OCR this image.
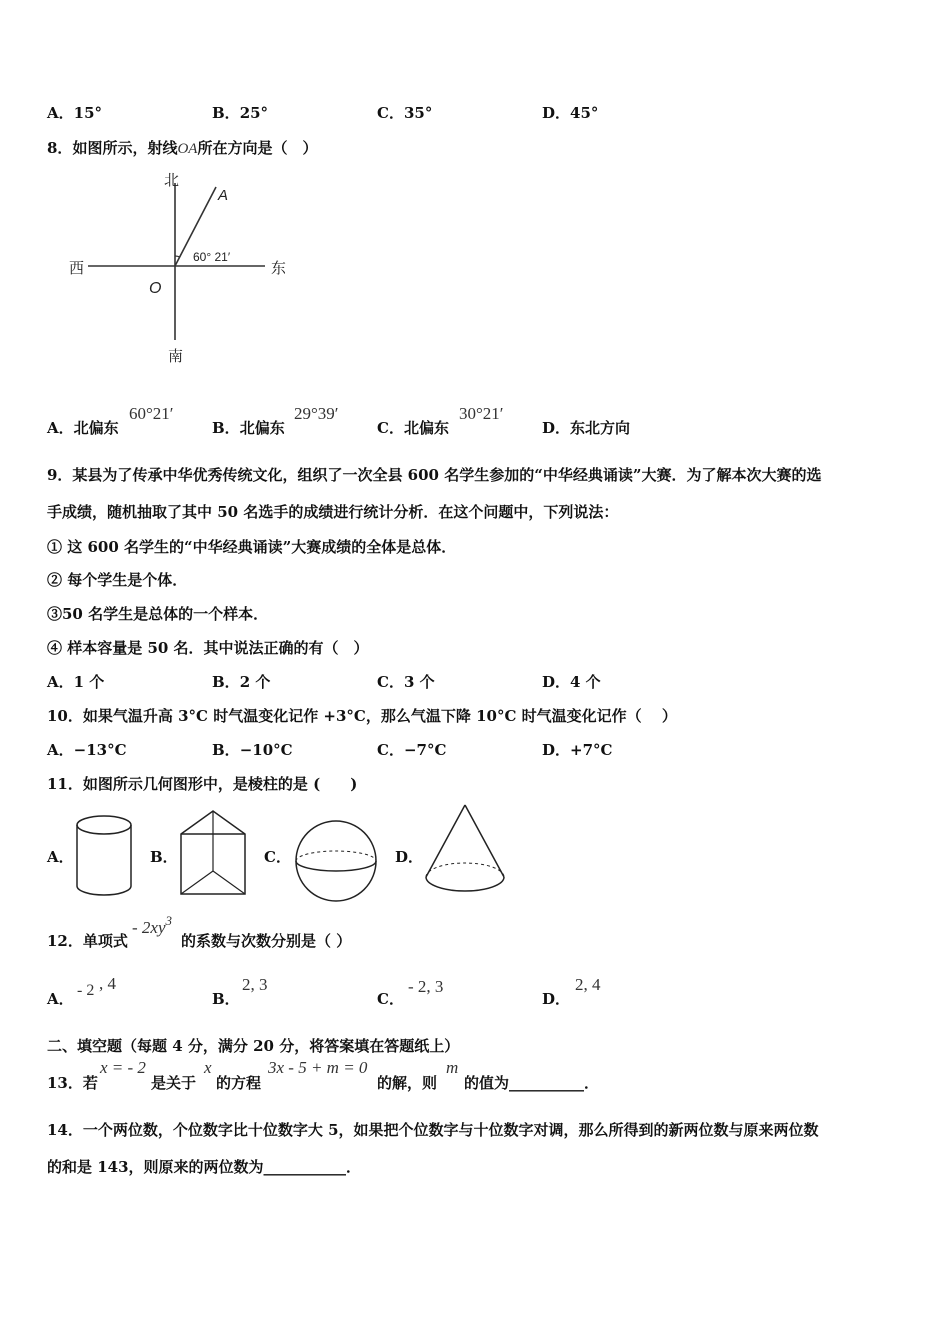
A．15°	B．25°	C．35°	D．45°
8．如图所示，射线OA所在方向是（　）
北
南
东
西
O
A
60° 21′
A．北偏东
60°21′
B．北偏东
29°39′
C．北偏东
30°21′
D．东北方向
9．某县为了传承中华优秀传统文化，组织了一次全县 600 名学生参加的“中华经典诵读”大赛．为了解本次大赛的选
手成绩，随机抽取了其中 50 名选手的成绩进行统计分析．在这个问题中，下列说法：
① 这 600 名学生的“中华经典诵读”大赛成绩的全体是总体．
② 每个学生是个体．
③50 名学生是总体的一个样本．
④ 样本容量是 50 名．其中说法正确的有（　）
A．1 个	B．2 个	C．3 个	D．4 个
10．如果气温升高 3°C 时气温变化记作 +3°C，那么气温下降 10°C 时气温变化记作（　 ）
A．−13°C	B．−10°C	C．−7°C	D．+7°C
11．如图所示几何图形中，是棱柱的是 (　　)
A．	B．	C．	D．
12．单项式
- $2xy^3$
的系数与次数分别是（ ）
A． - 2 , 4
B．
2, 3
C．
- 2, 3
D．
2, 4
二、填空题（每题 4 分，满分 20 分，将答案填在答题纸上）
13．若
x = - 2
是关于
x
的方程
3x - 5 + m = 0
的解，则
m
的值为__________．
14．一个两位数，个位数字比十位数字大 5，如果把个位数字与十位数字对调，那么所得到的新两位数与原来两位数
的和是 143，则原来的两位数为___________．
